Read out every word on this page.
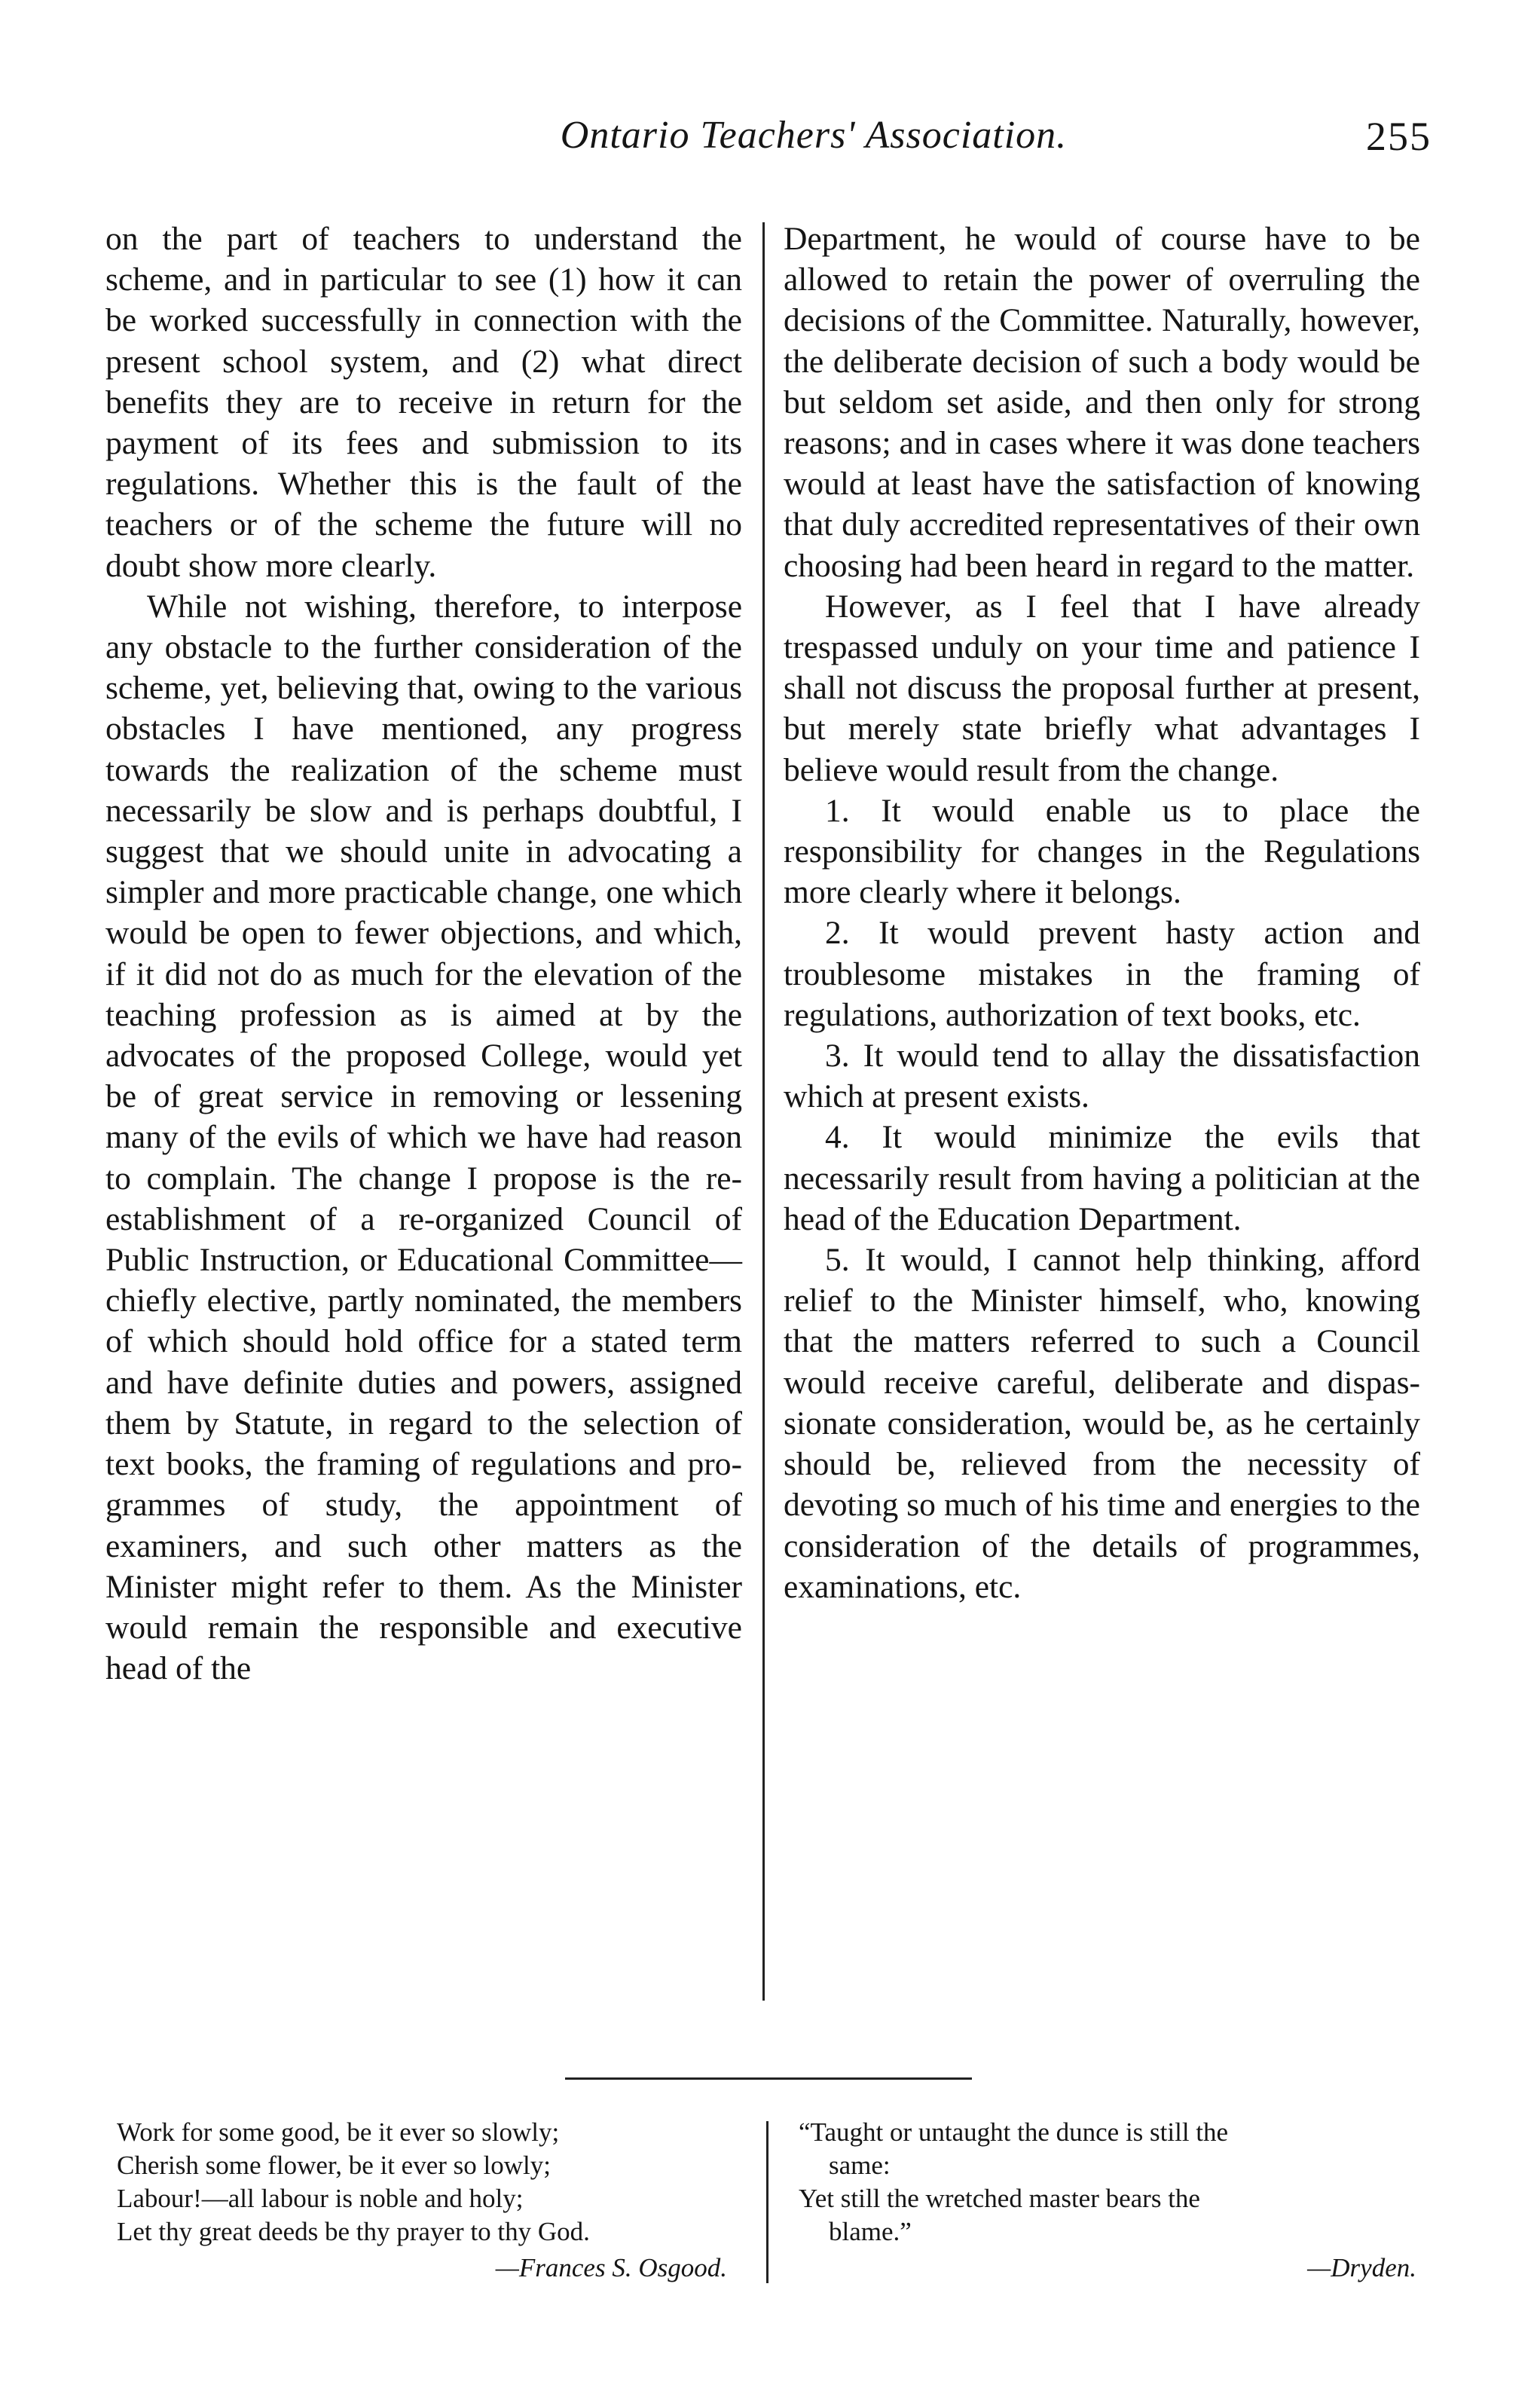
Ontario Teachers' Association.	255

on the part of teachers to understand the scheme, and in particular to see (1) how it can be worked successfully in connection with the present school system, and (2) what direct benefits they are to receive in return for the payment of its fees and submission to its regulations. Whether this is the fault of the teachers or of the scheme the future will no doubt show more clearly.

While not wishing, therefore, to interpose any obstacle to the further consideration of the scheme, yet, believing that, owing to the various obstacles I have mentioned, any progress towards the realization of the scheme must necessarily be slow and is perhaps doubtful, I suggest that we should unite in advocating a simpler and more practicable change, one which would be open to fewer objections, and which, if it did not do as much for the elevation of the teaching profession as is aimed at by the advocates of the proposed College, would yet be of great service in removing or lessening many of the evils of which we have had reason to complain. The change I propose is the re-establishment of a re-organized Council of Public Instruction, or Educational Committee—chiefly elective, partly nominated, the members of which should hold office for a stated term and have definite duties and powers, assigned them by Statute, in regard to the selection of text books, the framing of regulations and programmes of study, the appointment of examiners, and such other matters as the Minister might refer to them. As the Minister would remain the responsible and executive head of the

Department, he would of course have to be allowed to retain the power of overruling the decisions of the Committee. Naturally, however, the deliberate decision of such a body would be but seldom set aside, and then only for strong reasons; and in cases where it was done teachers would at least have the satisfaction of knowing that duly accredited representatives of their own choosing had been heard in regard to the matter.

However, as I feel that I have already trespassed unduly on your time and patience I shall not discuss the proposal further at present, but merely state briefly what advantages I believe would result from the change.

1. It would enable us to place the responsibility for changes in the Regulations more clearly where it belongs.

2. It would prevent hasty action and troublesome mistakes in the framing of regulations, authorization of text books, etc.

3. It would tend to allay the dissatisfaction which at present exists.

4. It would minimize the evils that necessarily result from having a politician at the head of the Education Department.

5. It would, I cannot help thinking, afford relief to the Minister himself, who, knowing that the matters referred to such a Council would receive careful, deliberate and dispassionate consideration, would be, as he certainly should be, relieved from the necessity of devoting so much of his time and energies to the consideration of the details of programmes, examinations, etc.

Work for some good, be it ever so slowly;
Cherish some flower, be it ever so lowly;
Labour!—all labour is noble and holy;
Let thy great deeds be thy prayer to thy God.
—Frances S. Osgood.
“Taught or untaught the dunce is still the
same:
Yet still the wretched master bears the
blame.”
—Dryden.
